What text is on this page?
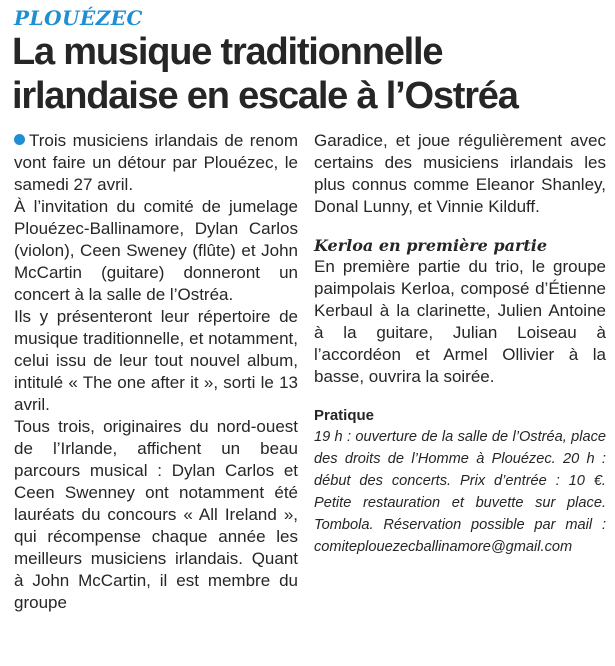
PLOUÉZEC
La musique traditionnelle irlandaise en escale à l’Ostréa

Trois musiciens irlandais de renom vont faire un détour par Plouézec, le samedi 27 avril.

À l’invitation du comité de jumelage Plouézec-Ballinamore, Dylan Carlos (violon), Ceen Sweney (flûte) et John McCartin (guitare) donneront un concert à la salle de l’Ostréa.

Ils y présenteront leur répertoire de musique traditionnelle, et notamment, celui issu de leur tout nouvel album, intitulé « The one after it », sorti le 13 avril.

Tous trois, originaires du nord-ouest de l’Irlande, affichent un beau parcours musical : Dylan Carlos et Ceen Swenney ont notamment été lauréats du concours « All Ireland », qui récompense chaque année les meilleurs musiciens irlandais. Quant à John McCartin, il est membre du groupe

Garadice, et joue régulièrement avec certains des musiciens irlandais les plus connus comme Eleanor Shanley, Donal Lunny, et Vinnie Kilduff.

Kerloa en première partie

En première partie du trio, le groupe paimpolais Kerloa, composé d’Étienne Kerbaul à la clarinette, Julien Antoine à la guitare, Julian Loiseau à l’accordéon et Armel Ollivier à la basse, ouvrira la soirée.

Pratique

19 h : ouverture de la salle de l’Ostréa, place des droits de l’Homme à Plouézec. 20 h : début des concerts. Prix d’entrée : 10 €. Petite restauration et buvette sur place. Tombola. Réservation possible par mail : comiteplouezecballinamore@gmail.com
